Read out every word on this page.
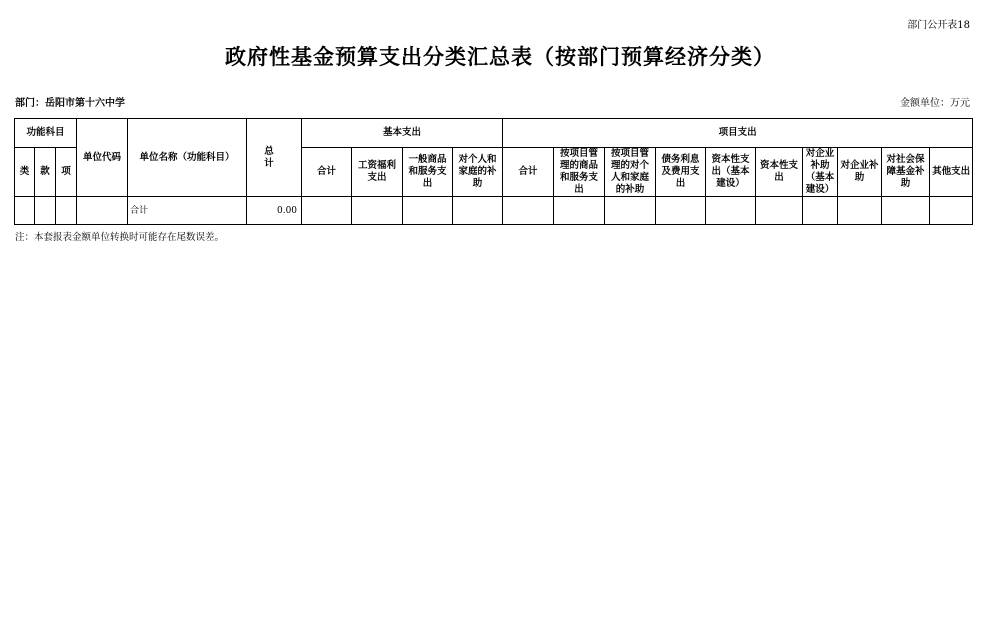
部门公开表18
政府性基金预算支出分类汇总表（按部门预算经济分类）
部门：岳阳市第十六中学	金额单位：万元
功能科目			单位代码	单位名称（功能科目）	总 计	基本支出				项目支出									
类	款	项				合计	工资福利支出	一般商品和服务支出	对个人和家庭的补助	合计	按项目管理的商品和服务支出	按项目管理的对个人和家庭的补助	债务利息及费用支出	资本性支出（基本建设）	资本性支出	对企业补助（基本建设）	对企业补助	对社会保障基金补助	其他支出
				合计	0.00														
注：本套报表金额单位转换时可能存在尾数误差。
